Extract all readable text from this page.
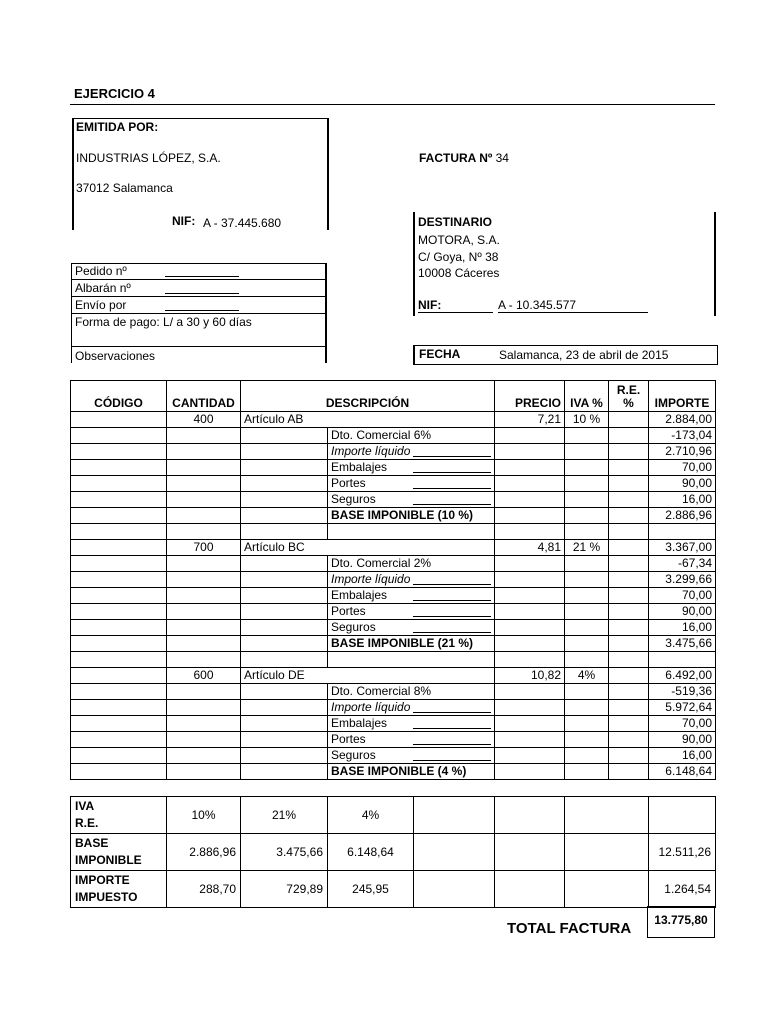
EJERCICIO 4
EMITIDA POR:
INDUSTRIAS LÓPEZ, S.A.
37012 Salamanca
NIF: A - 37.445.680
FACTURA Nº 34
DESTINARIO
MOTORA, S.A.
C/ Goya, Nº 38
10008 Cáceres
NIF:	A - 10.345.577
Pedido nº
Albarán nº
Envío por
Forma de pago: L/ a 30 y 60 días
Observaciones	FECHA	Salamanca, 23 de abril de 2015
CÓDIGO	CANTIDAD	DESCRIPCIÓN		PRECIO	IVA %	R.E. %	IMPORTE
	400	Artículo AB		7,21	10 %		2.884,00
			Dto. Comercial 6%				-173,04
			Importe líquido				2.710,96
			Embalajes				70,00
			Portes				90,00
			Seguros				16,00
			BASE IMPONIBLE (10 %)				2.886,96

	700	Artículo BC		4,81	21 %		3.367,00
			Dto. Comercial 2%				-67,34
			Importe líquido				3.299,66
			Embalajes				70,00
			Portes				90,00
			Seguros				16,00
			BASE IMPONIBLE (21 %)				3.475,66

	600	Artículo DE		10,82	4%		6.492,00
			Dto. Comercial 8%				-519,36
			Importe líquido				5.972,64
			Embalajes				70,00
			Portes				90,00
			Seguros				16,00
			BASE IMPONIBLE (4 %)				6.148,64
IVA
R.E.	10%	21%	4%				
BASE IMPONIBLE	2.886,96	3.475,66	6.148,64				12.511,26
IMPORTE IMPUESTO	288,70	729,89	245,95				1.264,54
TOTAL FACTURA	13.775,80
